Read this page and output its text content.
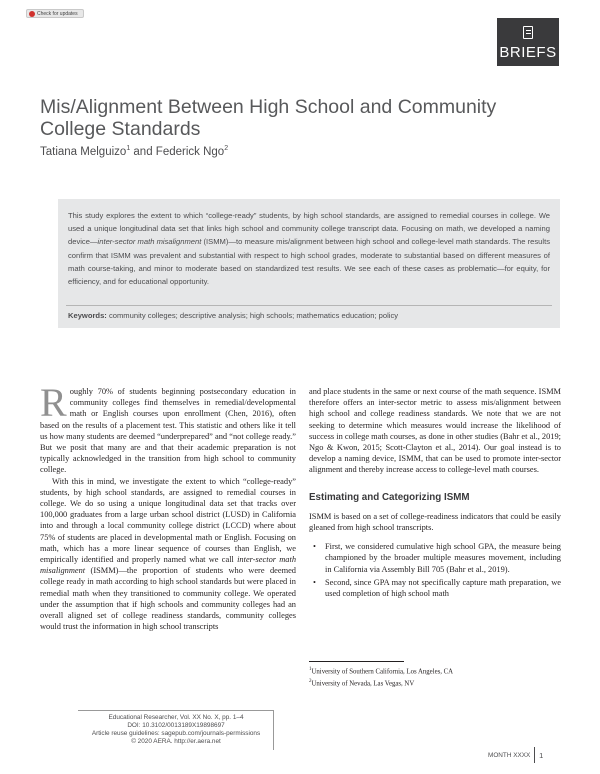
Check for updates
BRIEFS
Mis/Alignment Between High School and Community College Standards
Tatiana Melguizo$^1$ and Federick Ngo$^2$

This study explores the extent to which “college-ready” students, by high school standards, are assigned to remedial courses in college. We used a unique longitudinal data set that links high school and community college transcript data. Focusing on math, we developed a naming device—inter-sector math misalignment (ISMM)—to measure mis/alignment between high school and college-level math standards. The results confirm that ISMM was prevalent and substantial with respect to high school grades, moderate to substantial based on different measures of math course-taking, and minor to moderate based on standardized test results. We see each of these cases as problematic—for equity, for efficiency, and for educational opportunity.

Keywords: community colleges; descriptive analysis; high schools; mathematics education; policy

Roughly 70% of students beginning postsecondary education in community colleges find themselves in remedial/developmental math or English courses upon enrollment (Chen, 2016), often based on the results of a placement test. This statistic and others like it tell us how many students are deemed “underprepared” and “not college ready.” But we posit that many are and that their academic preparation is not typically acknowledged in the transition from high school to community college.

With this in mind, we investigate the extent to which “college-ready” students, by high school standards, are assigned to remedial courses in college. We do so using a unique longitudinal data set that tracks over 100,000 graduates from a large urban school district (LUSD) in California into and through a local community college district (LCCD) where about 75% of students are placed in developmental math or English. Focusing on math, which has a more linear sequence of courses than English, we empirically identified and properly named what we call inter-sector math misalignment (ISMM)—the proportion of students who were deemed college ready in math according to high school standards but were placed in remedial math when they transitioned to community college. We operated under the assumption that if high schools and community colleges had an overall aligned set of college readiness standards, community colleges would trust the information in high school transcripts

and place students in the same or next course of the math sequence. ISMM therefore offers an inter-sector metric to assess mis/alignment between high school and college readiness standards. We note that we are not seeking to determine which measures would increase the likelihood of success in college math courses, as done in other studies (Bahr et al., 2019; Ngo & Kwon, 2015; Scott-Clayton et al., 2014). Our goal instead is to develop a naming device, ISMM, that can be used to promote inter-sector alignment and thereby increase access to college-level math courses.

Estimating and Categorizing ISMM

ISMM is based on a set of college-readiness indicators that could be easily gleaned from high school transcripts.

• First, we considered cumulative high school GPA, the measure being championed by the broader multiple measures movement, including in California via Assembly Bill 705 (Bahr et al., 2019).
• Second, since GPA may not specifically capture math preparation, we used completion of high school math
$^1$University of Southern California, Los Angeles, CA
$^2$University of Nevada, Las Vegas, NV
Educational Researcher, Vol. XX No. X, pp. 1–4
DOI: 10.3102/0013189X19898697
Article reuse guidelines: sagepub.com/journals-permissions
© 2020 AERA. http://er.aera.net
MONTH XXXX 1
